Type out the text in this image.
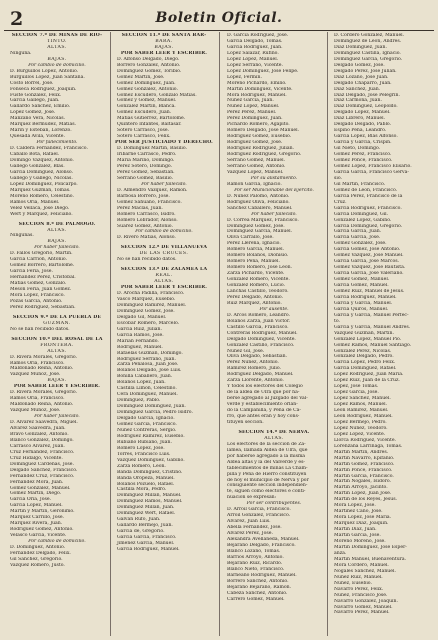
2	Boletin Oficial.
SECCION 7.ª DE MINAS DE RIO-
TINTO.
ALTAS.
Ninguna.
BAJAS.
Por cambio de domicilio.
D. Burguillos Lopez, Antonio.
Burguillos Lopez, Juan Santana.
Costo Borrel, José.
Fonseca Rodriguez, Joaquin.
Fuste Gonzalez, Felix.
García Gallego, Juan.
Gallardo Sanchez, Emilio.
Lopez Gomez, José.
Manzano Vera, Nicolás.
Marquez Bermudez, Matias.
Marin y Esteban, Lorenzo.
Quesada Avila, Vicente.
Por fallecimiento.
D. Caldera Fernandez, Francisco.
Caballo Bota, Rafael.
Domingo Vazquez, Antonio.
Gallego Gonzalez, Blas.
García Dominguez, Alonso.
Gallego y Gallego, Nicolás.
Lopez Dominguez, Policarpo.
Marquez Guzman, Tomás.
Moreno Romero, Celestino.
Ramos Oria, Manuel.
Velez Vellaca, José Diego.
Wert y Marquez, Feliciano.
SECCION 8.ª DE PALMOGO.
ALTAS.
Ningunas.
BAJAS.
Por haber fallecido.
D. Fallos Gregorio, Martin.
García Carrion, Antonio.
Gomez Borrero, Bartolomé.
García Feria, José.
Hernandez Perez, Cristóbal.
Matias Gomez, Gonzalo.
Mesón Feria, Juan Gomez.
Mora Lopez, Francisco.
Pozas Garcia, Antonio.
Perez Rodriguez, Sebastian.
SECCION 9.ª DE LA PUEBLA DE
GUZMAN.
No se han recibido datos.
SECCION 10.ª DEL ROSAL DE LA
FRONTERA.
ALTAS.
D. Rivera Morales, Gregorio.
Ramos Oria, Francisco.
Maldonado Reina, Antonio.
Vazquez Muñoz, José.
BAJAS.
POR SABER LEER Y ESCRIBIR.
D. Rivera Morales, Gregorio.
Ramos Oria, Francisco.
Maldonado Reina, Antonio.
Vazquez Muñoz, José.
Por haber fallecido.
D. Alvarez Saavedra, Miguel.
Alvarez Saavedra, Juan.
Bravo Gonzalez, Antonio.
Blanco Gonzalez, Domingo.
Carrasco Alvarez, Juan.
Cruz Fernandez, Francisco.
Cruz Hidalgo, Vicente.
Dominguez Cardenas, José.
Delgado Sanchez, Francisco.
Fernandez Cruz, Francisco.
Fernandez Mora, Juan.
Gomez Gonzalez, Manuel.
Gomez Martin, Diego.
Garcia Oria, José.
García Lopez, Manuel.
Martin y Martin, Gerónimo.
Marquez Carrillo, José.
Marquez Rivera, Juan.
Rodriguez Gomez, Antonio.
Velasco Garcia, Vicente.
Por cambio de domicilio.
D. Dominguez, Antonio.
Fernandez Delgado, Felix.
Gil Sanchez, Gregorio.
Vazquez Romero, Justo.
SECCION 11.ª DE SANTA BAR-
BARA.
BAJAS.
POR SABER LEER Y ESCRIBIR.
D. Alfonso Delgado, Diego.
Borrero Gonzalez, Antonio.
Dominguez Gomez, Toribio.
Gomez Martin, José.
Gomez Dominguez, Juan.
Gomez Gonzalez, Antonio.
Gomez Escudero, Gonzalo Matias.
Gomez y Gomez, Manuel.
Gonzalez Martin, Blanca.
Gomez Escudero, Juan.
Matias Gutierrez, Bartolomé.
Quintero Infantes, Baltasar.
Sotero Carrasco, José.
Sotero Carrasco, Félix.
POR SER JUSTICIADO Y DERECHO.
D. Dominguez Martín, Basilio.
Iribarne Carrasco, Pedro.
Maria Marino, Domingo.
Perez Sotero, Domingo.
Perez Gomez, Sebastian.
Serrano Gomez, Basilio.
Por haber fallecido.
D. Almendro Vazquez, Ramon.
Barbosa Borrero, José.
Gomez Sahuano, Francisco.
Perez Maclas, Juan.
Romero Carrasco, Isidro.
Romero Lobrador, Alonso.
Suarez Gomez, Antonio.
Por cambio de domicilio.
D. Rivero Matias, Alonso.
SECCION 12.ª DE VILLANUEVA
DE LAS CRUCES.
No se han recibido datos.
SECCION 13.ª DE ZALAMEA LA
REAL.
ALTAS.
POR SABER LEER Y ESCRIBIR.
D. Arocha Padilla, Francisco.
Vasco Marquez, Eusebio.
Dominguez Ramirez, Manuel.
Dominguez Gomez, José.
Delgado Gil, Manuel.
Escobar Romero, Marcelo.
García Ruiz, Julian.
Garcia Ramos, José.
Marian Fernando.
Rodriguez, Manuel.
Rafaelas Guzman, Domingo.
Rodriguez Serrano, Juan.
Zarza Peñalosa, Juan José.
Bolaños Delgado, José Luis.
Bonilla Caballero, Juan.
Bolaños Lopez, Juan.
Castilla Limon, Celestino.
Cera Dominguez, Manuel.
Dominguez, Pablo.
Dominguez Dominguez, Juan.
Dominguez Garcia, Pedro Isidro.
Delgado Garcia, Ignacio.
Gomez Garcia, Francisco.
Nuñez Contreras, Sergio.
Rodriguez Ramirez, Eusebio.
Rubiano Rubiano, Juan.
Romero Lopez, José.
Torres, Francisco Luis.
Vazquez Dominguez, Gabino.
Zarza Romero, León.
Banda Dominguez, Cristino.
Banda Oropeza, Manuel.
Bolaños Pozuelo, Rafael.
Castilla Mora, Pedro.
Dominguez Millan, Manuel.
Dominguez Ramos, Manuel.
Dominguez Millan, Juan.
Dominguez Wert, Rafael.
Galvan Rufo, Juan.
Gallardo Bermejo, Juan.
Garcia de, Gregorio.
Garcia Garcia, Francisco.
Jimenez Garcia, Manuel.
Garcia Rodriguez, Manuel.
D. Garcia Rodriguez, José.
Garcia Delgado, Tomás.
Garcia Rodriguez, Juan.
Lopez Salazar, Rufino.
Lopez Lopez, Manuel.
Lopez Serrano, Vicente.
Lopez Dominguez, José Felipe.
Lopez, Fermin.
Moreno Pichardo, Emilio.
Martin Dominguez, Vicente.
Mora Rodriguez, Manuel.
Nuñez Garcia, Juan.
Nuñez Lopez, Manuel.
Perez Perez, Manuel.
Perez Dominguez, Juan.
Pichardo Romero, Agapito.
Romero Delgado, José Manuel.
Rodriguez Gomez, Eusebio.
Rodriguez Gomez, José.
Rodriguez Rodriguez, Julian.
Rodriguez Rodriguez, Gregorio.
Serrano Gomez, Manuel.
Serrano Gomez, Antonio.
Vazquez Lopez, Manuel.
Por su alistamiento.
Ramon Garcia, Ignacio.
Por ser Municionable del Ejército.
D. Nuñez Palomo, Antonio.
Rodriguez Oliva, Feliciano.
Sanchez Caballero, Manuel.
Por haber fallecido.
D. Correa Marquez, Francisco.
Dominguez Gomez, José.
Dominguez Garcia, Manuel.
Oliva Carrallo, José.
Perez Llerena, Ignacio.
Romero Garcia, Manuel.
Romero Bolaños, Dionisio.
Romero Peña, Manuel.
Romero Romero, José Leon.
Zarza Pichardo, Vicente.
Gonzalez Romero, Vicente.
Gonzalez Romero, Lucio.
Lanchas Castillo, Teodoro.
Perez Delgado, Antonio.
Ruiz Marquez, Antonio.
Por ausente.
D. Arcos Romero, Leandro.
Bolaños Zarza, Juan Victor.
Castillo Garcia, Francisco.
Contreras Rodriguez, Manuel.
Delgado Dominguez, Vicente.
Gonzalez Castillo, Francisco.
Nuñez Gil, José.
Oliva Delgado, Sebastian.
Perez Nuñez, Antonio.
Ramirez Romero, Julio.
Rodriguez Delgado, Manuel.
Zarza Llorente, Antonio.
Y todos los electores del Colegio
de la aldea de Ulra que por ha-
berse agregado al Juzgado del Val-
verde y establecimiento orlan-
do la Campanilla, y Peña de Ca-
rro, que antes eran y hoy cons-
tituyen seccion.
SECCION 14.ª DE NERVA.
ALTAS.
Los electores de la seccion de Za-
lamea, llamada Aldea de Ulra, que
por haberse agregado a la misma
Aldea altas y la del Valverde y es-
tablecimientos de minas La Cham-
pilla y Peña de Hierro constituyen
de hoy el municipio de Nerva y por
consiguiente seccion independien-
te, siguen como electores é conti-
nuacion se expresan:
Por ser contribuyentes.
D. Arroil Garcia, Francisco.
Arroil Gonzalez, Francisco.
Alvarez, Juan Luis.
Abella Fernandez, José.
Alvarez Perez, José.
Alexandra Avellaneda, Manuel.
Bejarano Delgado, Francisco.
Blanco Lozano, Tomás.
Barrios Arroyo, Antonio.
Bejarano Ruiz, Ricardo.
Blanco Nieto, Francisco.
Barneano Rodriguez, Manuel.
Borrero Sanchez, Antonio.
Bejarano Bejarano, Ramon.
Cabeza Sanchez, Antonio.
Carrero Gomez, Manuel.
D. Cordero Gonzalez, Manuel.
Dominguez de Leon, Andrés.
Diaz Dominguez, Juan.
Dominguez Castilla, Ignacio.
Dominguez Garcia, Gregorio.
Delgado Gomez, José.
Delgado Perez, José Julian.
Diaz Lozano, José Juan.
Delgado Chaparro, Juan.
Diaz Sanchez, Juan.
Diaz Delgado, José Pelegrin.
Diaz Carmona, Juan.
Diaz Dominguez, Leopoldo.
Delgado Lopez, Manuel.
Diaz Librero, Manuel.
Delgado Delgado, Pablo.
Espino Peña, Leandro.
Garcia Lopez, Blas Alfonso.
Garcia y Garcia, Crispin.
Gil Nieto, Domingo.
Gomez Perez, Francisco.
Gomez Ponce, Francisco.
Gomez Lopez, Francisco Elisario.
Garcia Garcia, Francisco Gerva-
sio.
Gil Martin, Francisco.
Gomez de Leon, Francisco.
Garcia Perez, Francisco de la
Cruz.
Garcia Rodriguez, Francisco.
Garcia Dominguez, Gil.
Gonzalez Lopez, Gabino.
Garcia Dominguez, Gregorio.
Garcia Garcia, Juan.
Garcia Garcia, José.
Gomez Gonzalez, José.
Garcia Gomez, José Antonio.
Gomez Vazquez, José Manuel.
Garcia Garcia, José Marcos.
Gomez Vazquez, José Bautista.
Garcia Garcia, José Valeriano.
Gomez Gomez, Manuel.
Garcia Gomez, Manuel.
Gomez Ruiz, Manuel de Jesus.
Garcia Rodriguez, Manuel.
Garcia y Garcia, Manuel.
Garcia Quiros, Manuel.
Garcia y Garcia, Manuel Perfec-
to.
Garcia y Garcia, Manuel Andrés.
Vazquez Guzman, Martin.
Gonzalez Lopez, Manuel Pío.
Gomez Ramos, Manuel Santiago.
Gonzalez Perez, Nicolás.
Gonzalez Delgado, Pedro.
Garcia Lopez, Pedro Félix.
Garcia Dominguez, Rafael.
Lopez Rodriguez, Juan Maria.
Lopez Ruiz, Juan de la Cruz.
Lopez, José Tomás.
Lopez Garcia, José.
Lopez Sanchez, Manuel.
Lopez Ramos, Manuel.
Leon Ramirez, Manuel.
Leon Rodriguez, Manuel.
Lopez Bermejo, Pedro.
Lopez Nuñez, Teodoro.
Lopez Lopez, Vicente.
Llorca Rodriguez, Vicente.
Lorenzana Larrinaga, Tomás.
Martin Martin, Andrés.
Martin Navarro, Epifanio.
Martin Gomez, Francisco.
Martin Ponce, Francisco.
Martin Garcia, Francisco.
Martin Nogales, Isidoro.
Martin Arroyo, Jacinto.
Martin Lopez, Juan José.
Martin de los Reyes, Jesús.
Mora Lopez, José.
Martinez Caño, José.
Mora Lopez, José Maria.
Marquez Diaz, Joaquin.
Martin Diaz, Juan.
Martin Garcia, José.
Moreno Moreno, José.
Martin Dominguez, José Esper-
anza.
Martin Manuel, Buenaventura.
Mora Cordero, Manuel.
Nogales Sanchez, Manuel.
Nuñez Ruiz, Manuel.
Nuñez, Eusebio.
Navarro Perez, Félix.
Nuñez, Francisco José.
Navarro Gonzalez, Joaquin.
Navarro Gomez, Manuel.
Navarro Perez, Manuel.
